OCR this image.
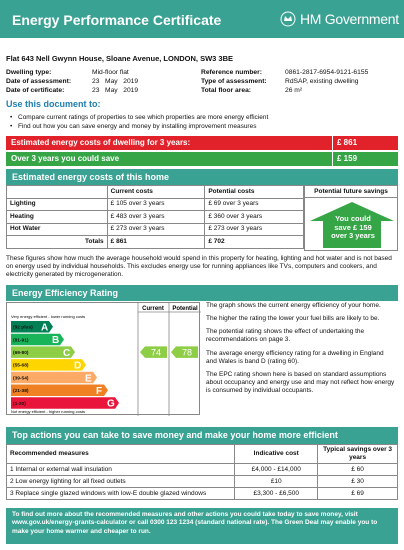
Energy Performance Certificate	HM Government
Flat 643 Nell Gwynn House, Sloane Avenue, LONDON, SW3 3BE
Dwelling type:	Mid-floor flat
Date of assessment:	23   May   2019
Date of certificate:	23   May   2019
Reference number:	0861-2817-6954-9121-6155
Type of assessment:	RdSAP, existing dwelling
Total floor area:	26 m²
Use this document to:
• Compare current ratings of properties to see which properties are more energy efficient
• Find out how you can save energy and money by installing improvement measures
Estimated energy costs of dwelling for 3 years:	£ 861
Over 3 years you could save	£ 159
Estimated energy costs of this home
	Current costs	Potential costs
Lighting	£ 105 over 3 years	£ 69 over 3 years
Heating	£ 483 over 3 years	£ 360 over 3 years
Hot Water	£ 273 over 3 years	£ 273 over 3 years
Totals	£ 861	£ 702
Potential future savings
You could
save £ 159
over 3 years
These figures show how much the average household would spend in this property for heating, lighting and hot water and is not based on energy used by individual households. This excludes energy use for running appliances like TVs, computers and cookers, and electricity generated by microgeneration.
Energy Efficiency Rating
Current Potential
Very energy efficient - lower running costs
Not energy efficient - higher running costs
(92 plus) A
(81-91) B
(69-80)	C
(55-68)	D
(39-54)	E
(21-38)	F
(1-20)	G
74 78

The graph shows the current energy efficiency of your home.

The higher the rating the lower your fuel bills are likely to be.

The potential rating shows the effect of undertaking the recommendations on page 3.

The average energy efficiency rating for a dwelling in England and Wales is band D (rating 60).

The EPC rating shown here is based on standard assumptions about occupancy and energy use and may not reflect how energy is consumed by individual occupants.

Top actions you can take to save money and make your home more efficient
Recommended measures	Indicative cost	Typical savings over 3 years
1 Internal or external wall insulation	£4,000 - £14,000	£ 60
2 Low energy lighting for all fixed outlets	£10	£ 30
3 Replace single glazed windows with low-E double glazed windows	£3,300 - £6,500	£ 69
To find out more about the recommended measures and other actions you could take today to save money, visit www.gov.uk/energy-grants-calculator or call 0300 123 1234 (standard national rate). The Green Deal may enable you to make your home warmer and cheaper to run.
